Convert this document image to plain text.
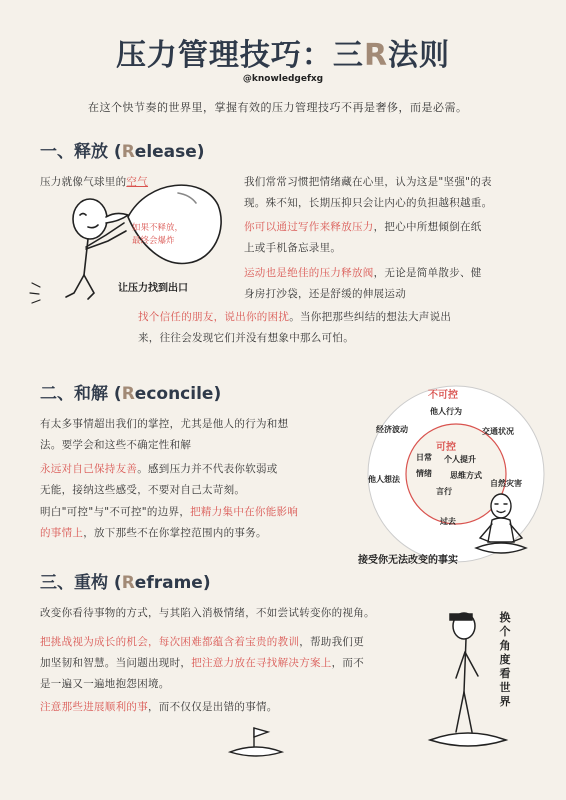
压力管理技巧：三R法则
@knowledgefxg
在这个快节奏的世界里，掌握有效的压力管理技巧不再是奢侈，而是必需。
一、释放 (Release)
压力就像气球里的空气
如果不释放，
最终会爆炸
让压力找到出口
我们常常习惯把情绪藏在心里，认为这是"坚强"的表
现。殊不知，长期压抑只会让内心的负担越积越重。
你可以通过写作来释放压力，把心中所想倾倒在纸
上或手机备忘录里。
运动也是绝佳的压力释放阀，无论是简单散步、健
身房打沙袋，还是舒缓的伸展运动
找个信任的朋友，说出你的困扰。当你把那些纠结的想法大声说出
来，往往会发现它们并没有想象中那么可怕。
二、和解 (Reconcile)
有太多事情超出我们的掌控，尤其是他人的行为和想
法。要学会和这些不确定性和解
永远对自己保持友善。感到压力并不代表你软弱或
无能，接纳这些感受，不要对自己太苛刻。
明白"可控"与"不可控"的边界，把精力集中在你能影响
的事情上，放下那些不在你掌控范围内的事务。
不可控
他人行为
交通状况
自然灾害
过去
他人想法
经济波动
可控
个人提升
思维方式
言行
情绪
日常
接受你无法改变的事实
三、重构 (Reframe)
改变你看待事物的方式，与其陷入消极情绪，不如尝试转变你的视角。
把挑战视为成长的机会，每次困难都蕴含着宝贵的教训，帮助我们更
加坚韧和智慧。当问题出现时，把注意力放在寻找解决方案上，而不
是一遍又一遍地抱怨困境。
注意那些进展顺利的事，而不仅仅是出错的事情。
换
个
角
度
看
世
界
